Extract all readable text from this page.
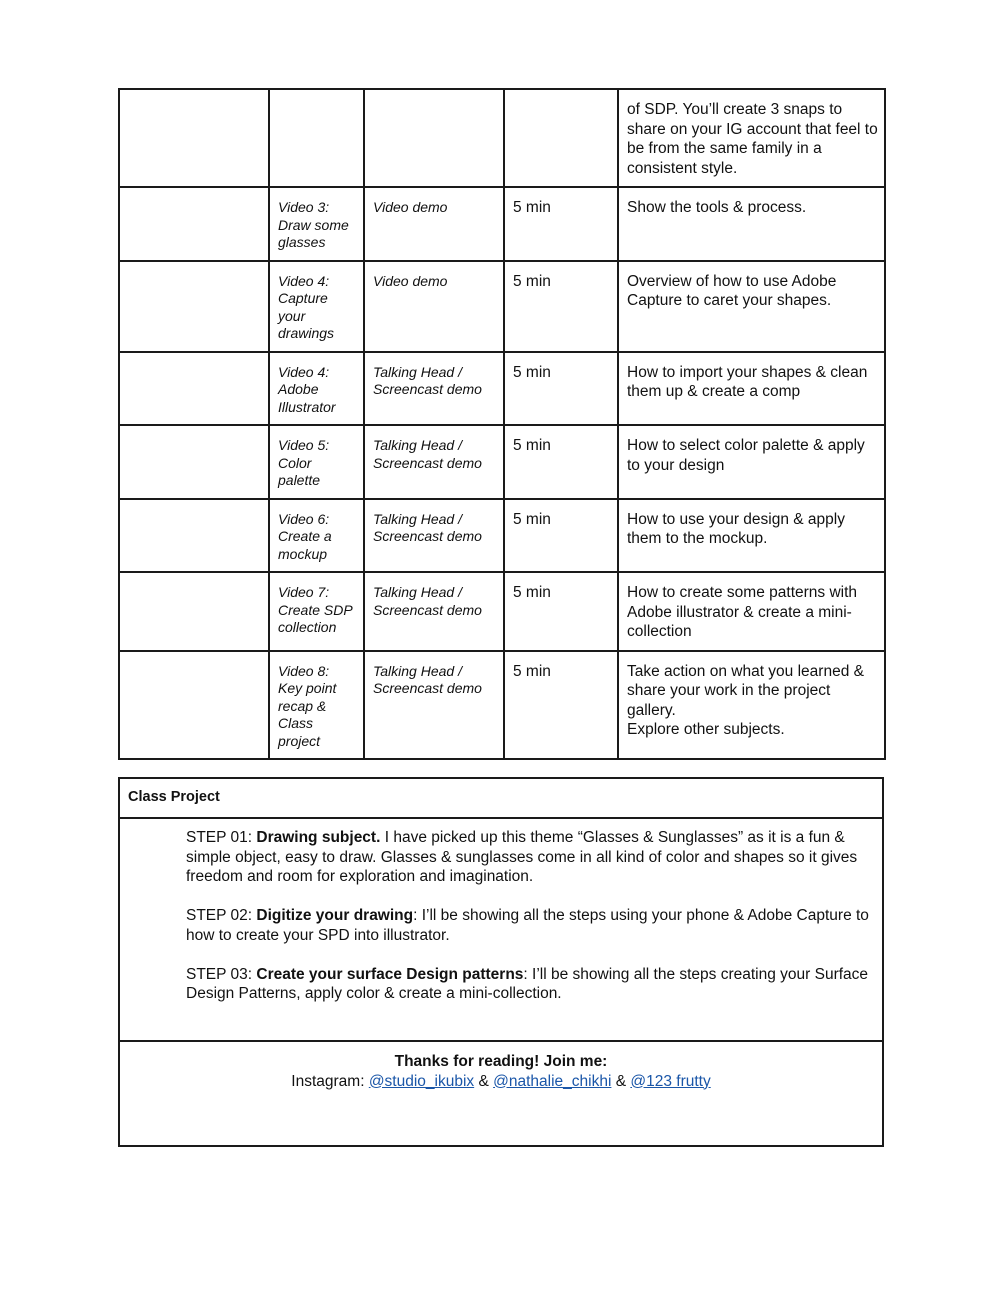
				of SDP. You’ll create 3 snaps to share on your IG account that feel to be from the same family in a consistent style.

	Video 3: Draw some glasses	Video demo	5 min	Show the tools & process.

	Video 4: Capture your drawings	Video demo	5 min	Overview of how to use Adobe Capture to caret your shapes.

	Video 4: Adobe Illustrator	Talking Head / Screencast demo	5 min	How to import your shapes & clean them up & create a comp

	Video 5: Color palette	Talking Head / Screencast demo	5 min	How to select color palette & apply to your design

	Video 6: Create a mockup	Talking Head / Screencast demo	5 min	How to use your design & apply them to the mockup.

	Video 7: Create SDP collection	Talking Head / Screencast demo	5 min	How to create some patterns with Adobe illustrator & create a mini-collection

	Video 8: Key point recap & Class project	Talking Head / Screencast demo	5 min	Take action on what you learned & share your work in the project gallery.
Explore other subjects.
Class Project

STEP 01: Drawing subject. I have picked up this theme “Glasses & Sunglasses” as it is a fun & simple object, easy to draw. Glasses & sunglasses come in all kind of color and shapes so it gives freedom and room for exploration and imagination.

STEP 02: Digitize your drawing: I’ll be showing all the steps using your phone & Adobe Capture to how to create your SPD into illustrator.

STEP 03: Create your surface Design patterns: I’ll be showing all the steps creating your Surface Design Patterns, apply color & create a mini-collection.

Thanks for reading! Join me:
Instagram: @studio_ikubix & @nathalie_chikhi & @123 frutty
